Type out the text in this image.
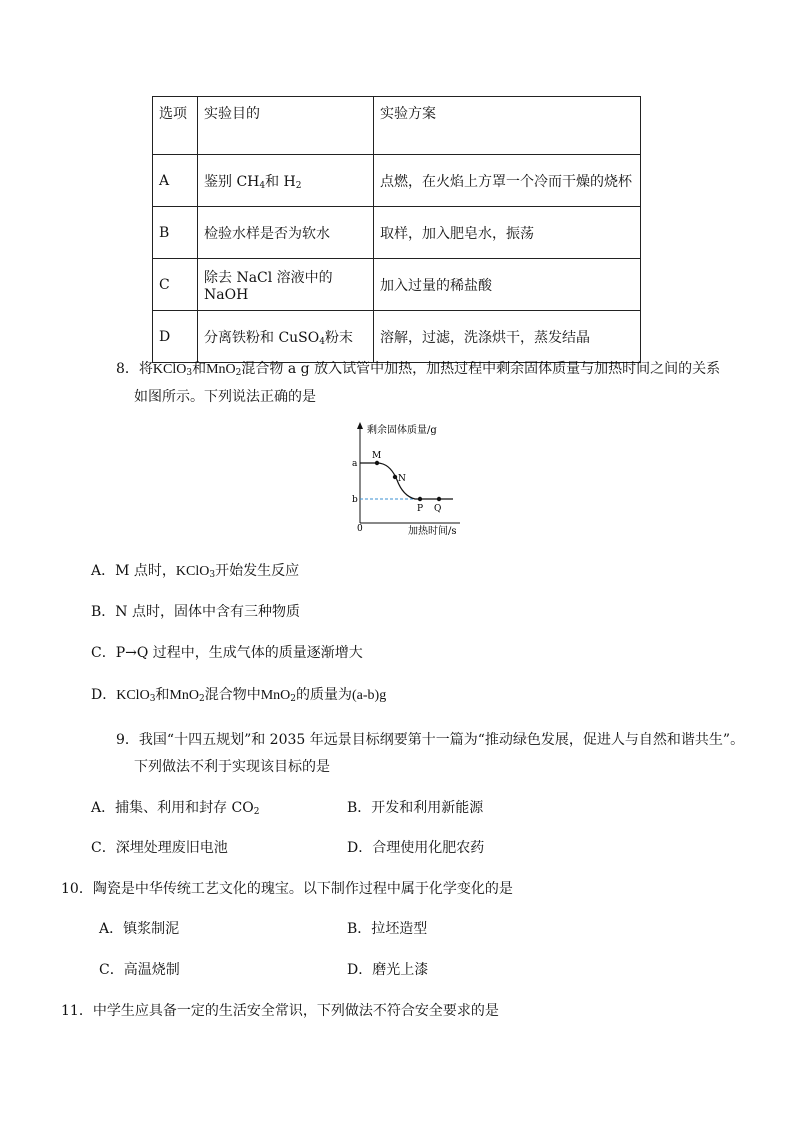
选项	实验目的	实验方案
A	鉴别 $CH_4$和 $H_2$	点燃，在火焰上方罩一个冷而干燥的烧杯
B	检验水样是否为软水	取样，加入肥皂水，振荡
C	除去 NaCl 溶液中的 NaOH	加入过量的稀盐酸
D	分离铁粉和 CuSO$_4$粉末	溶解，过滤，洗涤烘干，蒸发结晶
8．将KClO$_3$和MnO$_2$混合物 a g 放入试管中加热，加热过程中剩余固体质量与加热时间之间的关系
如图所示。下列说法正确的是
剩余固体质量/g
加热时间/s
0
a
b
M
N
P Q
A．M 点时，KClO$_3$开始发生反应
B．N 点时，固体中含有三种物质
C．P→Q 过程中，生成气体的质量逐渐增大
D．KClO$_3$和MnO$_2$混合物中MnO$_2$的质量为(a-b)g
9．我国“十四五规划”和 2035 年远景目标纲要第十一篇为“推动绿色发展，促进人与自然和谐共生”。
下列做法不利于实现该目标的是
A．捕集、利用和封存 $CO_2$	B．开发和利用新能源
C．深埋处理废旧电池	D．合理使用化肥农药
10．陶瓷是中华传统工艺文化的瑰宝。以下制作过程中属于化学变化的是
A．镇浆制泥	B．拉坯造型
C．高温烧制	D．磨光上漆
11．中学生应具备一定的生活安全常识，下列做法不符合安全要求的是
